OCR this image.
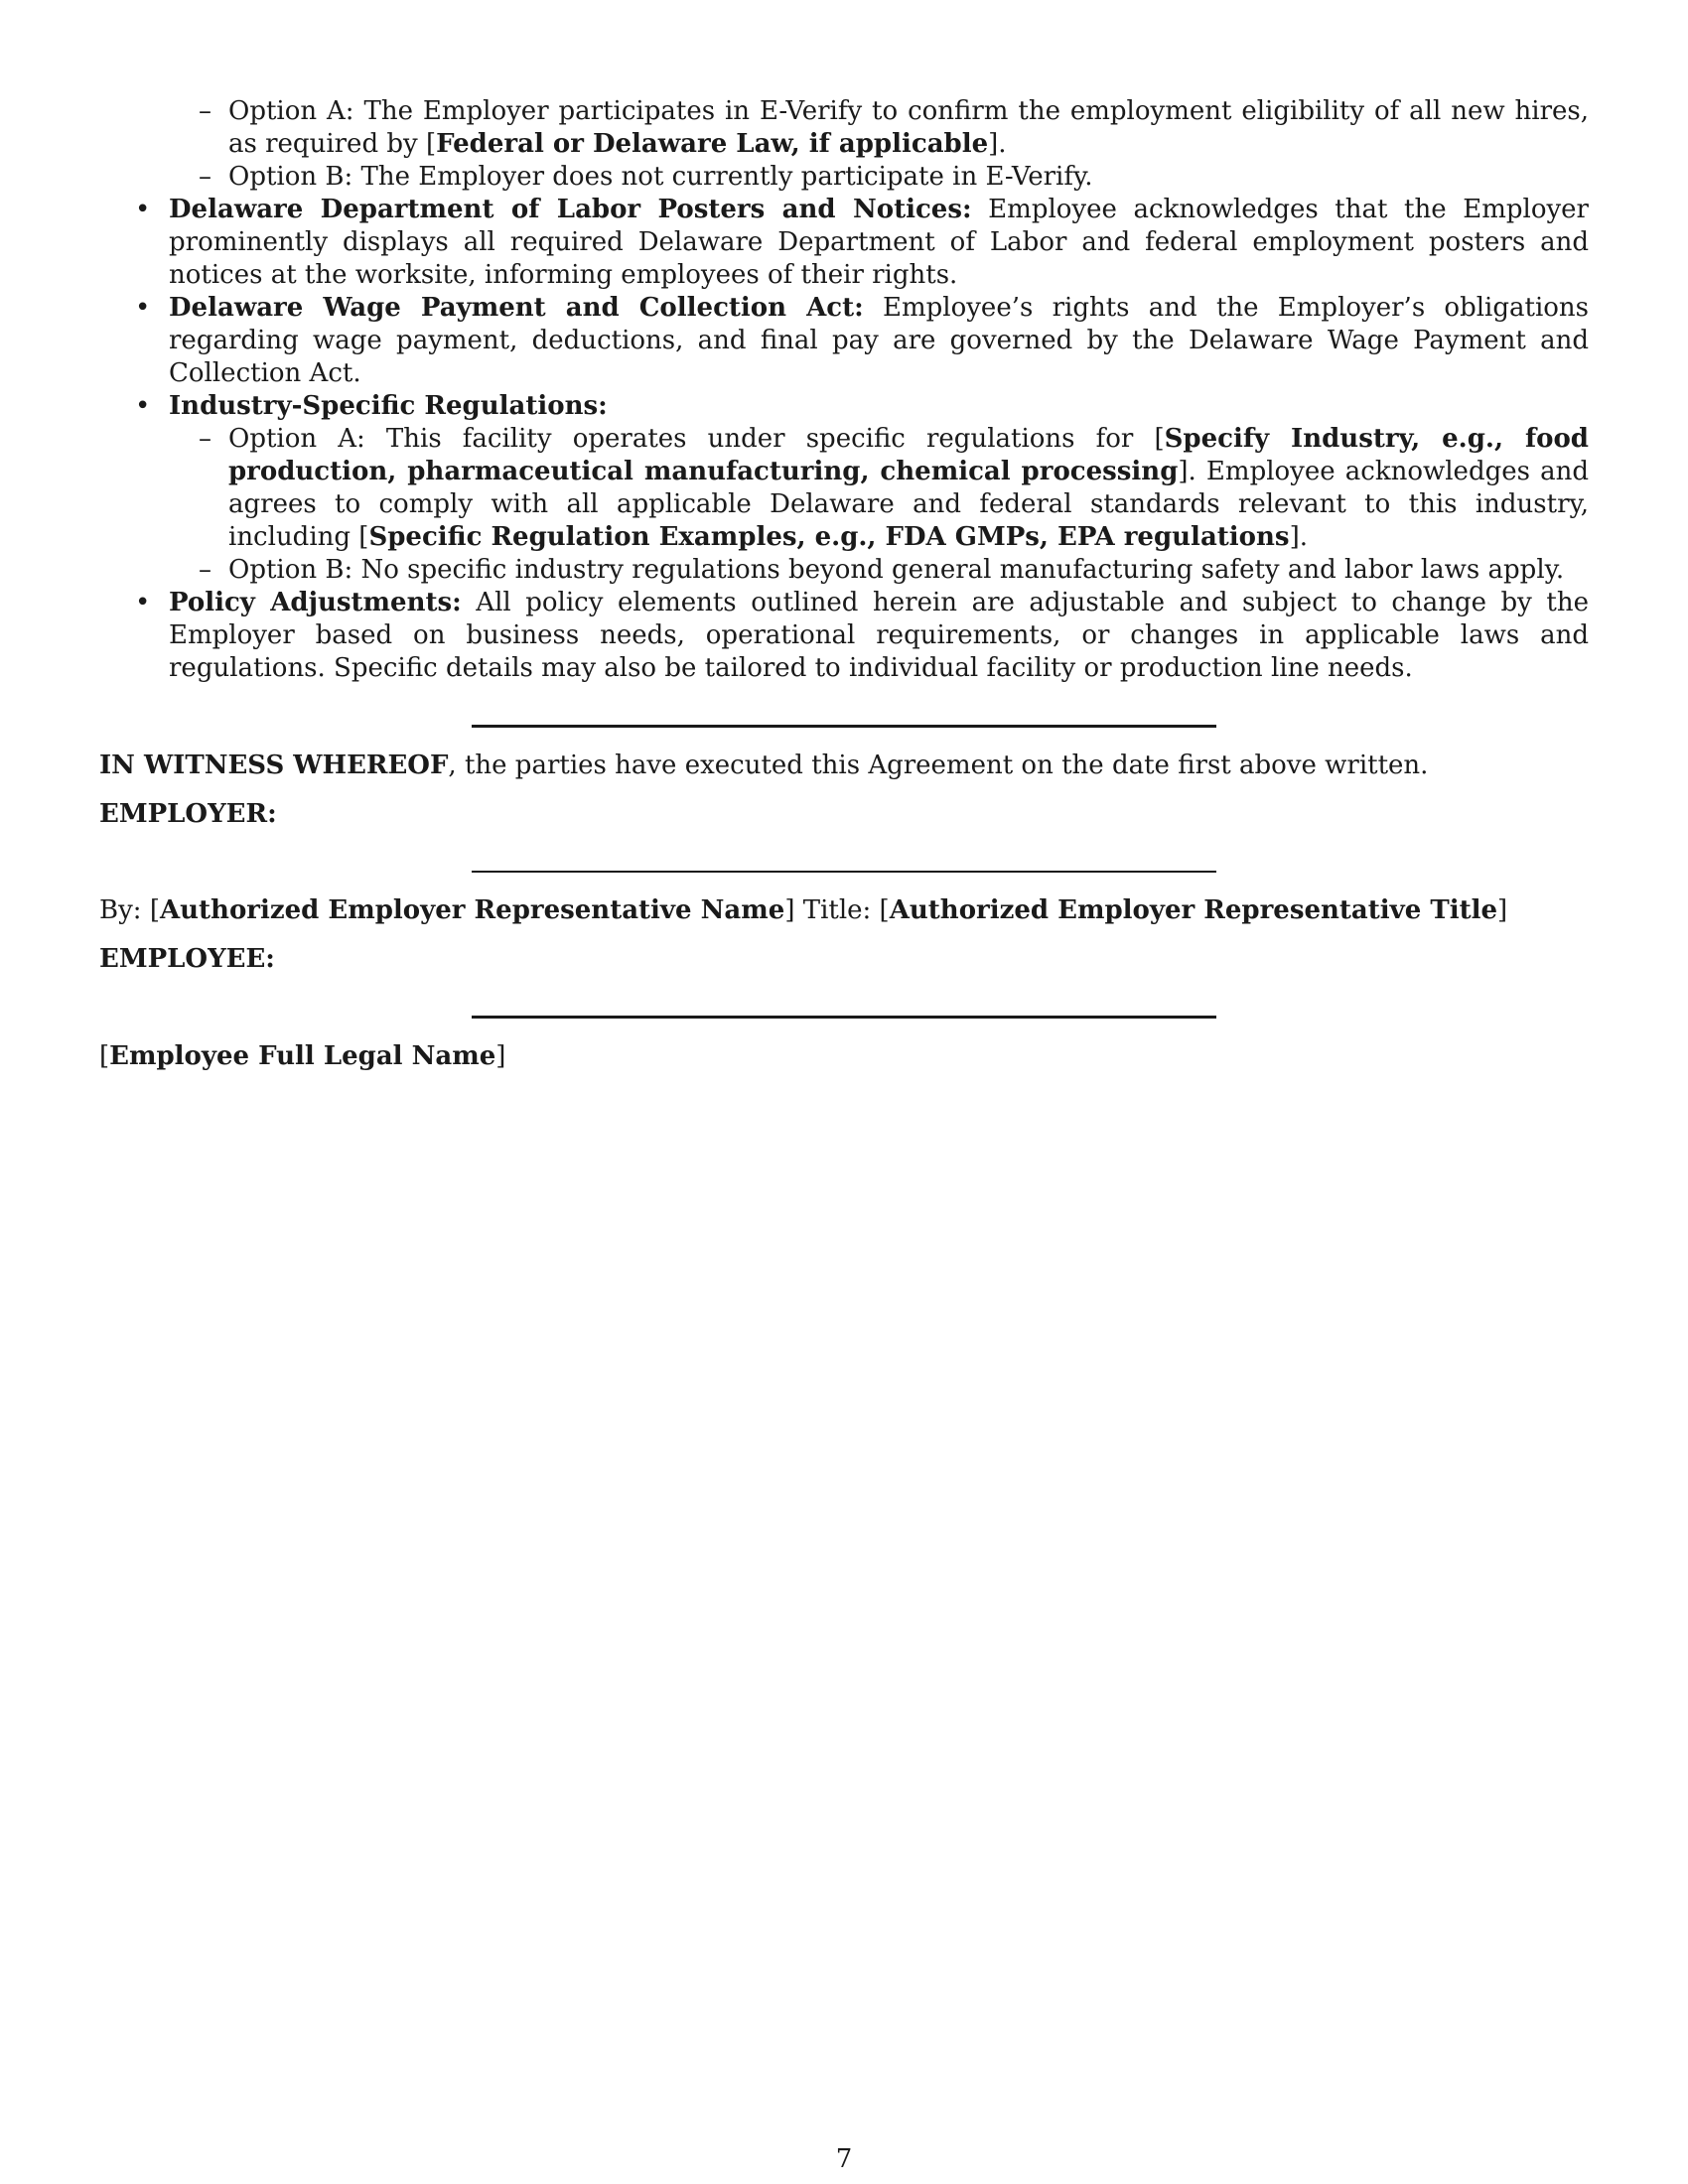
– Option A: The Employer participates in E-Verify to confirm the employment eligibility of all new hires, as required by [Federal or Delaware Law, if applicable].
– Option B: The Employer does not currently participate in E-Verify.
• Delaware Department of Labor Posters and Notices: Employee acknowledges that the Employer prominently displays all required Delaware Department of Labor and federal employment posters and notices at the worksite, informing employees of their rights.
• Delaware Wage Payment and Collection Act: Employee’s rights and the Employer’s obligations regarding wage payment, deductions, and final pay are governed by the Delaware Wage Payment and Collection Act.
• Industry-Specific Regulations:
– Option A: This facility operates under specific regulations for [Specify Industry, e.g., food production, pharmaceutical manufacturing, chemical processing]. Employee acknowledges and agrees to comply with all applicable Delaware and federal standards relevant to this industry, including [Specific Regulation Examples, e.g., FDA GMPs, EPA regulations].
– Option B: No specific industry regulations beyond general manufacturing safety and labor laws apply.
• Policy Adjustments: All policy elements outlined herein are adjustable and subject to change by the Employer based on business needs, operational requirements, or changes in applicable laws and regulations. Specific details may also be tailored to individual facility or production line needs.
IN WITNESS WHEREOF, the parties have executed this Agreement on the date first above written.
EMPLOYER:
By: [Authorized Employer Representative Name] Title: [Authorized Employer Representative Title]
EMPLOYEE:
[Employee Full Legal Name]
7
